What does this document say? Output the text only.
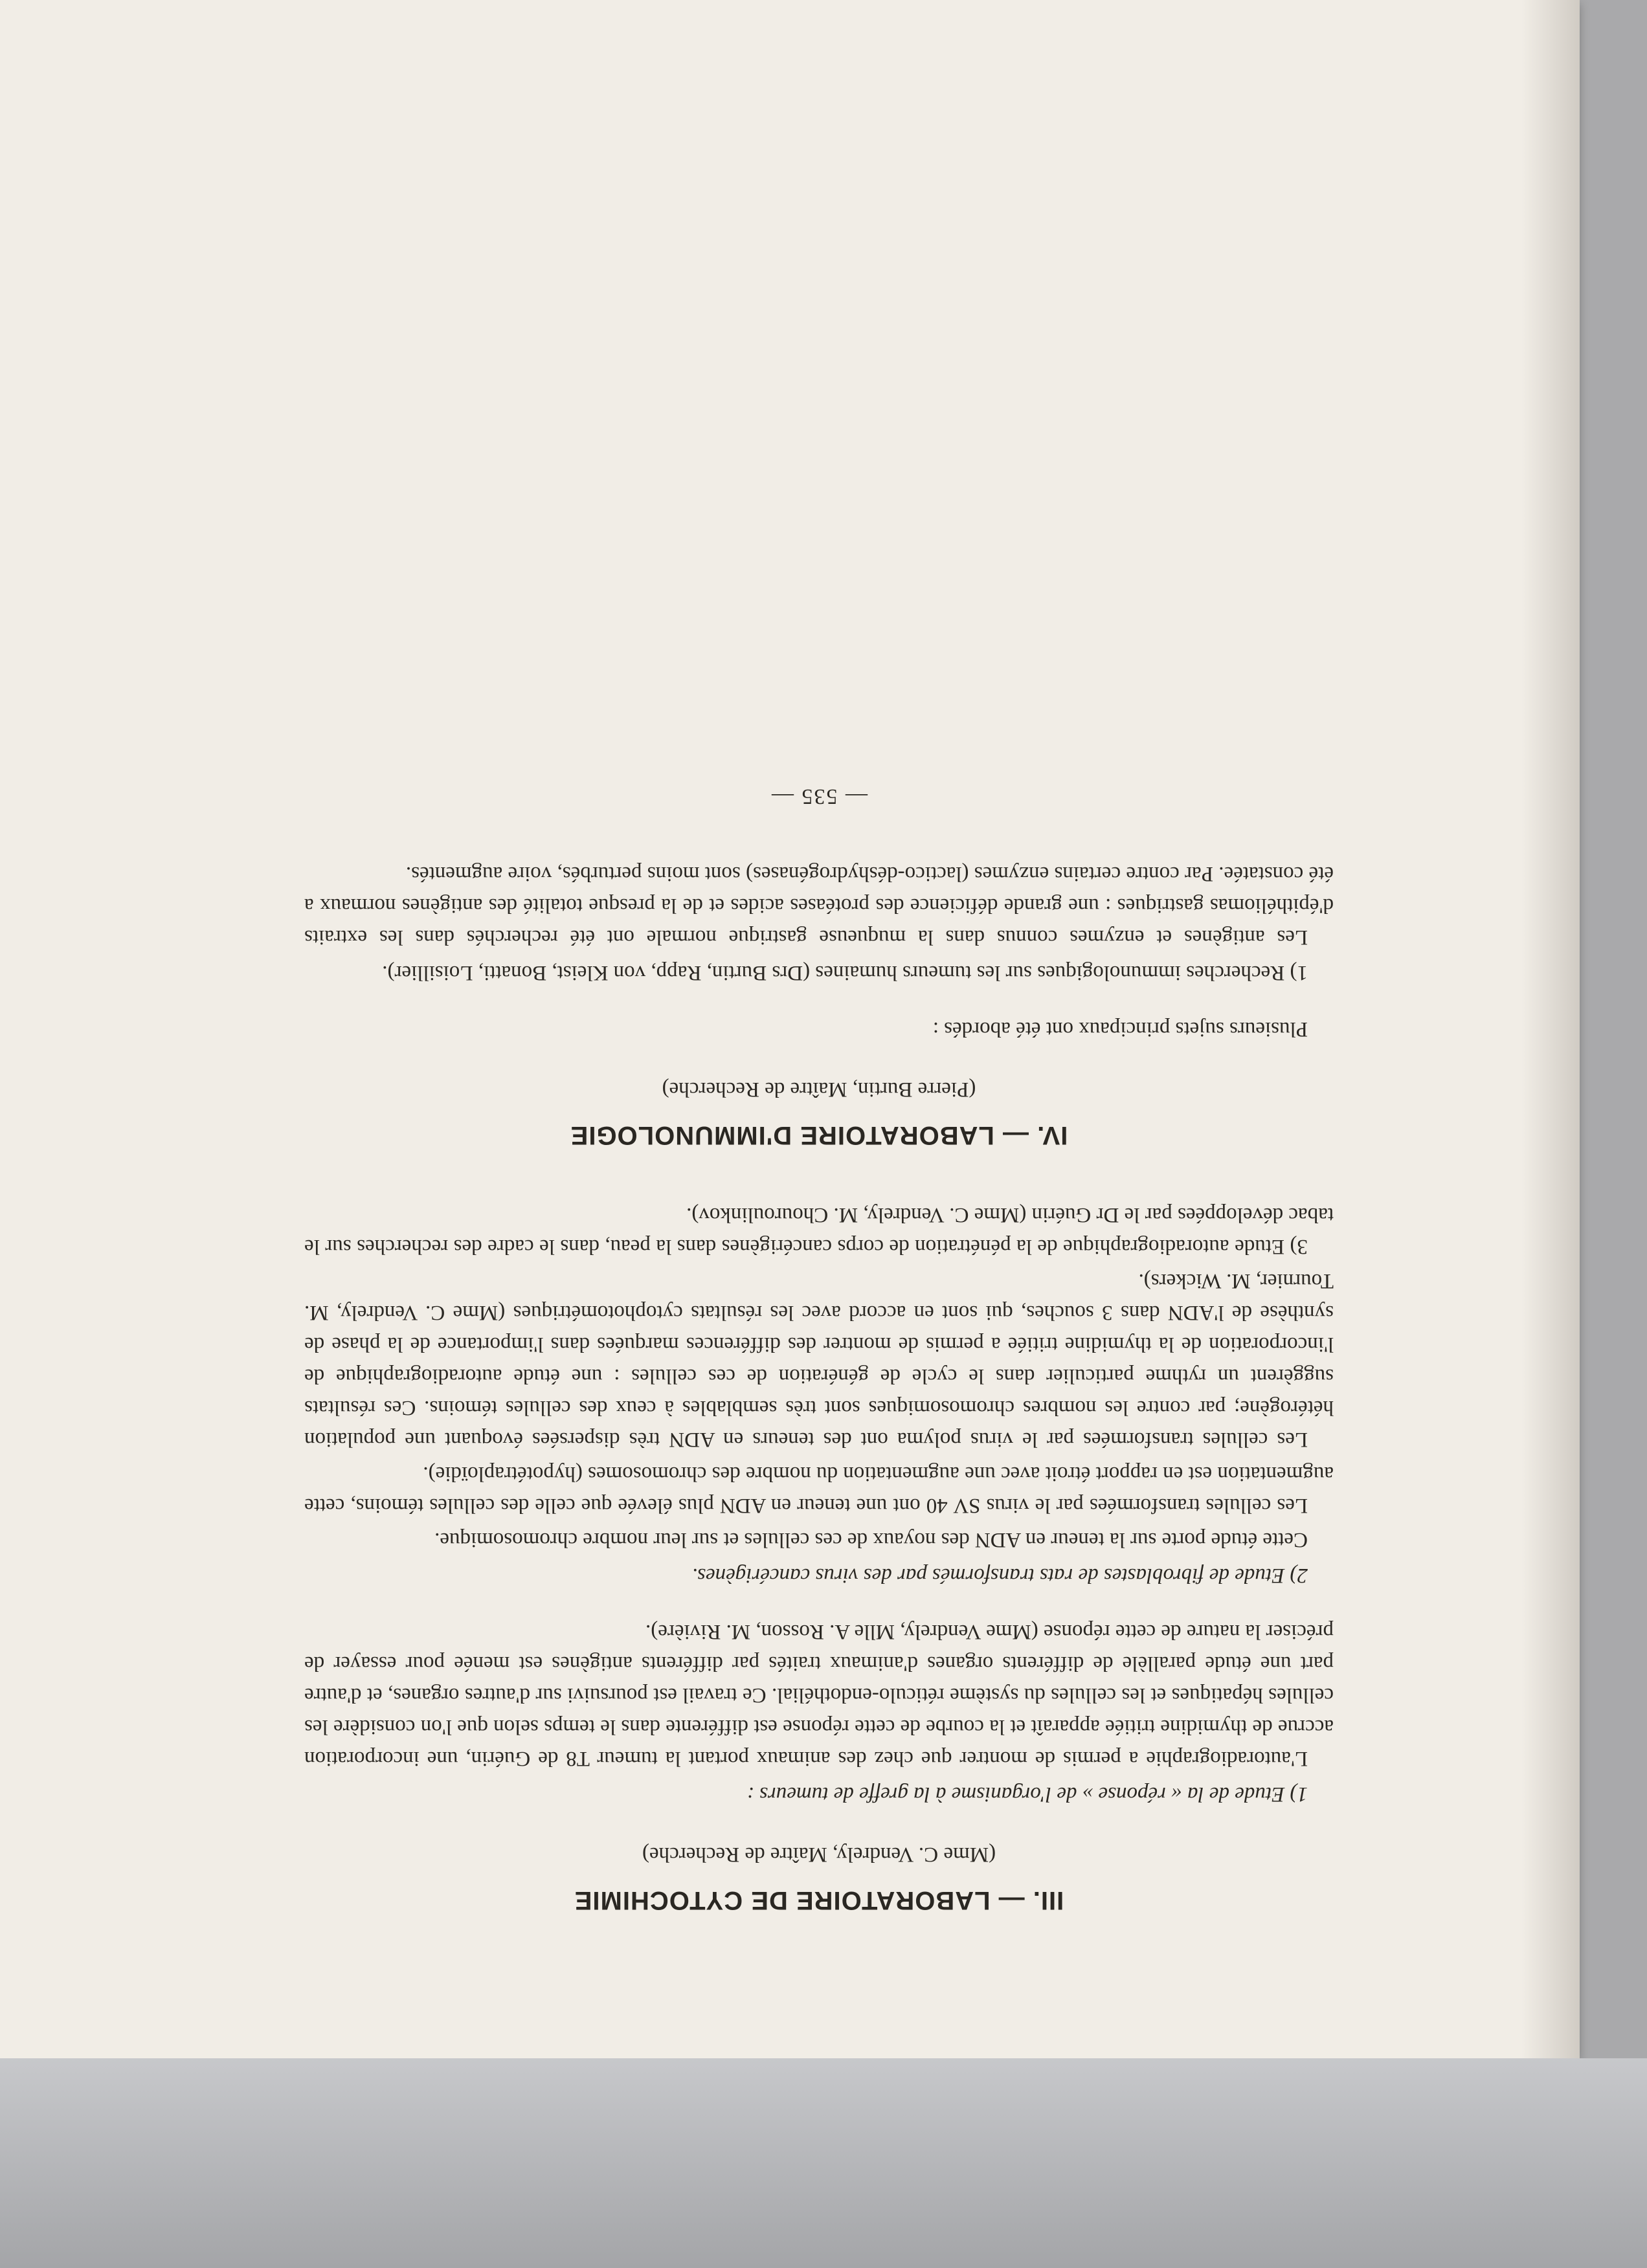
III. — LABORATOIRE DE CYTOCHIMIE
(Mme C. Vendrely, Maître de Recherche)
1) Etude de la « réponse » de l'organisme à la greffe de tumeurs :

L'autoradiographie a permis de montrer que chez des animaux portant la tumeur T8 de Guérin, une incorporation accrue de thymidine tritiée apparaît et la courbe de cette réponse est différente dans le temps selon que l'on considère les cellules hépatiques et les cellules du système réticulo-endothélial. Ce travail est poursuivi sur d'autres organes, et d'autre part une étude parallèle de différents organes d'animaux traités par différents antigènes est menée pour essayer de préciser la nature de cette réponse (Mme Vendrely, Mlle A. Rosson, M. Rivière).

2) Etude de fibroblastes de rats transformés par des virus cancérigènes.

Cette étude porte sur la teneur en ADN des noyaux de ces cellules et sur leur nombre chromosomique.

Les cellules transformées par le virus SV 40 ont une teneur en ADN plus élevée que celle des cellules témoins, cette augmentation est en rapport étroit avec une augmentation du nombre des chromosomes (hypotétraploïdie).

Les cellules transformées par le virus polyma ont des teneurs en ADN très dispersées évoquant une population hétérogène; par contre les nombres chromosomiques sont très semblables à ceux des cellules témoins. Ces résultats suggèrent un rythme particulier dans le cycle de génération de ces cellules : une étude autoradiographique de l'incorporation de la thymidine tritiée a permis de montrer des différences marquées dans l'importance de la phase de synthèse de l'ADN dans 3 souches, qui sont en accord avec les résultats cytophotométriques (Mme C. Vendrely, M. Tournier, M. Wickers).

3) Etude autoradiographique de la pénétration de corps cancérigènes dans la peau, dans le cadre des recherches sur le tabac développées par le Dr Guérin (Mme C. Vendrely, M. Chouroulinkov).

IV. — LABORATOIRE D'IMMUNOLOGIE
(Pierre Burtin, Maître de Recherche)

Plusieurs sujets principaux ont été abordés :

1) Recherches immunologiques sur les tumeurs humaines (Drs Burtin, Rapp, von Kleist, Bonatti, Loisillier).

Les antigènes et enzymes connus dans la muqueuse gastrique normale ont été recherchés dans les extraits d'épithéliomas gastriques : une grande déficience des protéases acides et de la presque totalité des antigènes normaux a été constatée. Par contre certains enzymes (lactico-déshydrogénases) sont moins perturbés, voire augmentés.

— 535 —
